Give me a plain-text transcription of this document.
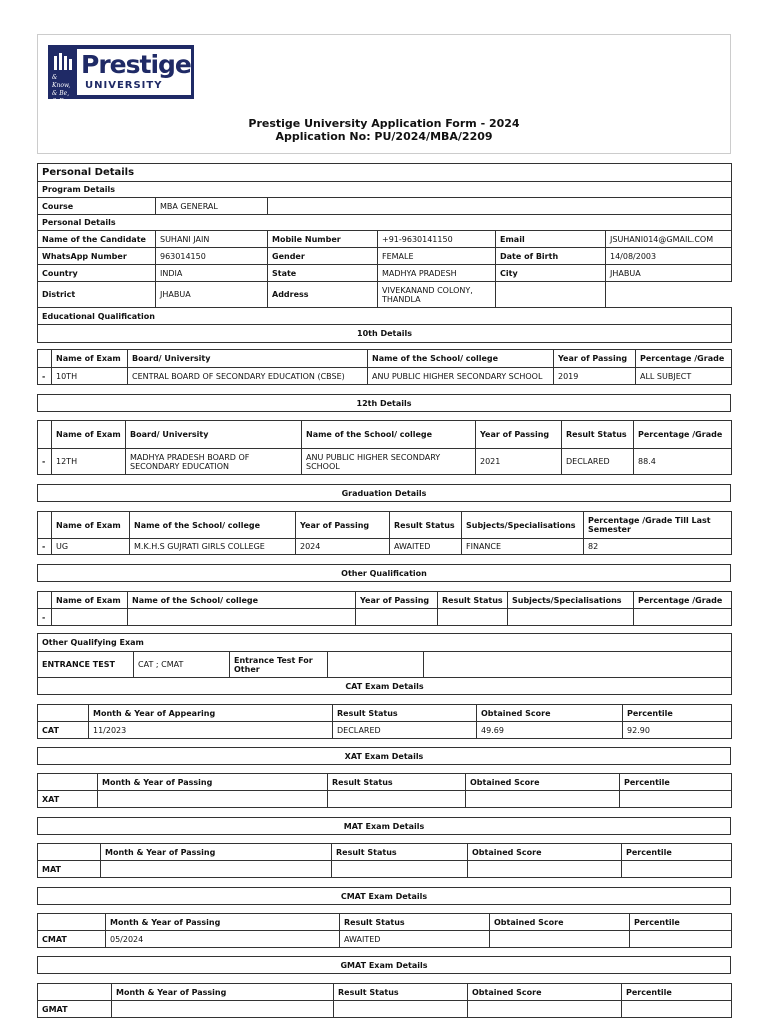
& Know,
& Be, & Do
Prestige
UNIVERSITY
Prestige University Application Form - 2024
Application No: PU/2024/MBA/2209
Personal Details					
Program Details					
Course	MBA GENERAL				
Personal Details					
Name of the Candidate	SUHANI JAIN	Mobile Number	+91-9630141150	Email	JSUHANI014@GMAIL.COM
WhatsApp Number	963014150	Gender	FEMALE	Date of Birth	14/08/2003
Country	INDIA	State	MADHYA PRADESH	City	JHABUA
District	JHABUA	Address	VIVEKANAND COLONY, THANDLA		
Educational Qualification					
10th Details					
	Name of Exam	Board/ University	Name of the School/ college	Year of Passing	Percentage /Grade
-	10TH	CENTRAL BOARD OF SECONDARY EDUCATION (CBSE)	ANU PUBLIC HIGHER SECONDARY SCHOOL	2019	ALL SUBJECT
12th Details
	Name of Exam	Board/ University	Name of the School/ college	Year of Passing	Result Status	Percentage /Grade
-	12TH	MADHYA PRADESH BOARD OF SECONDARY EDUCATION	ANU PUBLIC HIGHER SECONDARY SCHOOL	2021	DECLARED	88.4
Graduation Details
	Name of Exam	Name of the School/ college	Year of Passing	Result Status	Subjects/Specialisations	Percentage /Grade Till Last Semester
-	UG	M.K.H.S GUJRATI GIRLS COLLEGE	2024	AWAITED	FINANCE	82
Other Qualification
	Name of Exam	Name of the School/ college	Year of Passing	Result Status	Subjects/Specialisations	Percentage /Grade
-						
Other Qualifying Exam
ENTRANCE TEST	CAT ; CMAT	Entrance Test For Other		
CAT Exam Details
	Month & Year of Appearing	Result Status	Obtained Score	Percentile
CAT	11/2023	DECLARED	49.69	92.90
XAT Exam Details
	Month & Year of Passing	Result Status	Obtained Score	Percentile
XAT				
MAT Exam Details
	Month & Year of Passing	Result Status	Obtained Score	Percentile
MAT				
CMAT Exam Details
	Month & Year of Passing	Result Status	Obtained Score	Percentile
CMAT	05/2024	AWAITED		
GMAT Exam Details
	Month & Year of Passing	Result Status	Obtained Score	Percentile
GMAT				
